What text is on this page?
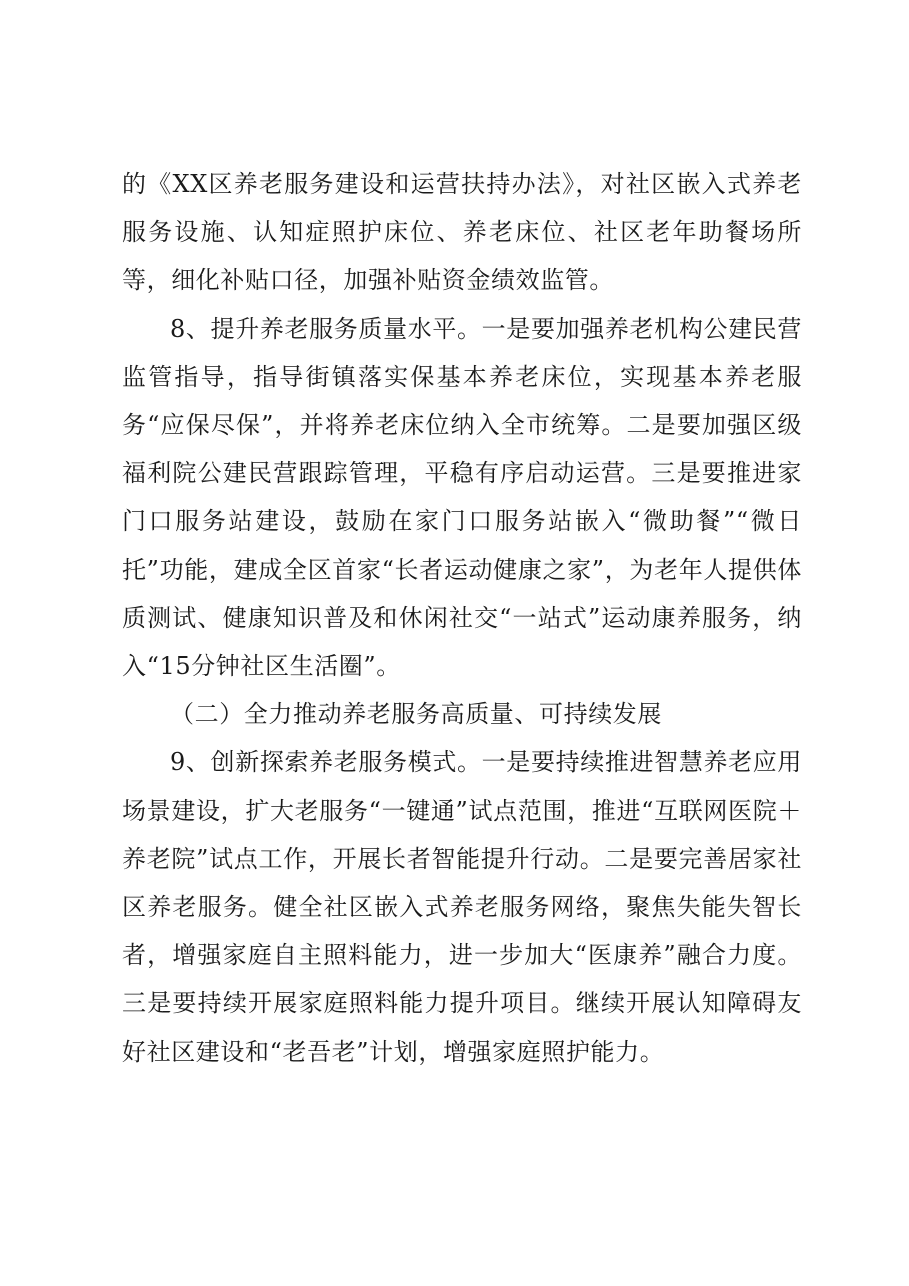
的《XX区养老服务建设和运营扶持办法》，对社区嵌入式养老服务设施、认知症照护床位、养老床位、社区老年助餐场所等，细化补贴口径，加强补贴资金绩效监管。

8、提升养老服务质量水平。一是要加强养老机构公建民营监管指导，指导街镇落实保基本养老床位，实现基本养老服务“应保尽保”，并将养老床位纳入全市统筹。二是要加强区级福利院公建民营跟踪管理，平稳有序启动运营。三是要推进家门口服务站建设，鼓励在家门口服务站嵌入“微助餐”“微日托”功能，建成全区首家“长者运动健康之家”，为老年人提供体质测试、健康知识普及和休闲社交“一站式”运动康养服务，纳入“15分钟社区生活圈”。

（二）全力推动养老服务高质量、可持续发展

9、创新探索养老服务模式。一是要持续推进智慧养老应用场景建设，扩大老服务“一键通”试点范围，推进“互联网医院＋养老院”试点工作，开展长者智能提升行动。二是要完善居家社区养老服务。健全社区嵌入式养老服务网络，聚焦失能失智长者，增强家庭自主照料能力，进一步加大“医康养”融合力度。三是要持续开展家庭照料能力提升项目。继续开展认知障碍友好社区建设和“老吾老”计划，增强家庭照护能力。
